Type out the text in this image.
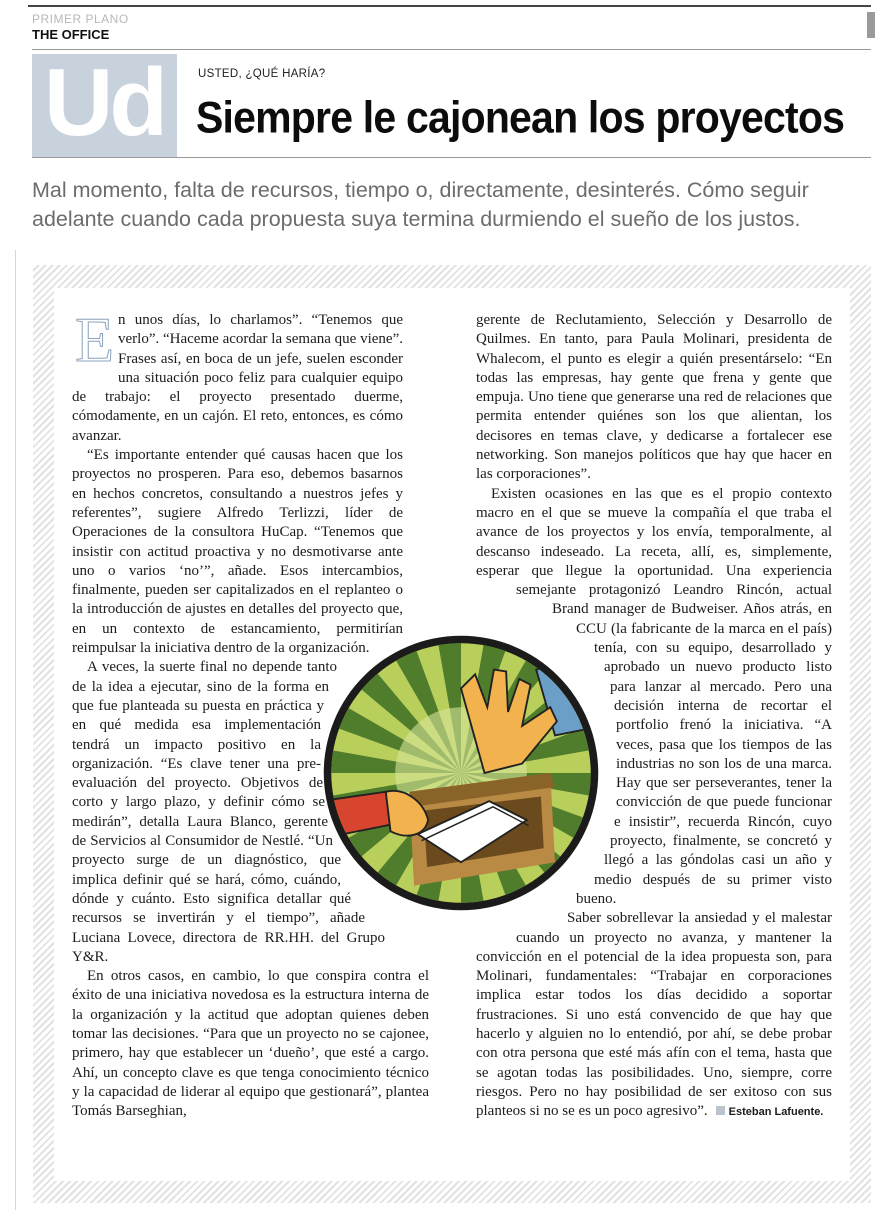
PRIMER PLANO
THE OFFICE
Ud	USTED, ¿QUÉ HARÍA?
Siempre le cajonean los proyectos
Mal momento, falta de recursos, tiempo o, directamente, desinterés. Cómo seguir adelante cuando cada propuesta suya termina durmiendo el sueño de los justos.
E n unos días, lo charlamos”. “Tenemos que verlo”. “Haceme acordar la semana que viene”. Frases así, en boca de un jefe, suelen esconder una situación poco feliz para cualquier equipo de trabajo: el proyecto presentado duerme, cómodamente, en un cajón. El reto, entonces, es cómo avanzar.

“Es importante entender qué causas hacen que los proyectos no prosperen. Para eso, debemos basarnos en hechos concretos, consultando a nuestros jefes y referentes”, sugiere Alfredo Terlizzi, líder de Operaciones de la consultora HuCap. “Tenemos que insistir con actitud proactiva y no desmotivarse ante uno o varios ‘no’”, añade. Esos intercambios, finalmente, pueden ser capitalizados en el replanteo o la introducción de ajustes en detalles del proyecto que, en un contexto de estancamiento, permitirían reimpulsar la iniciativa dentro de la organización.

A veces, la suerte final no depende tanto de la idea a ejecutar, sino de la forma en que fue planteada su puesta en práctica y en qué medida esa implementación tendrá un impacto positivo en la organización. “Es clave tener una pre-evaluación del proyecto. Objetivos de corto y largo plazo, y definir cómo se medirán”, detalla Laura Blanco, gerente de Servicios al Consumidor de Nestlé. “Un proyecto surge de un diagnóstico, que implica definir qué se hará, cómo, cuándo, dónde y cuánto. Esto significa detallar qué recursos se invertirán y el tiempo”, añade Luciana Lovece, directora de RR.HH. del Grupo Y&R.

En otros casos, en cambio, lo que conspira contra el éxito de una iniciativa novedosa es la estructura interna de la organización y la actitud que adoptan quienes deben tomar las decisiones. “Para que un proyecto no se cajonee, primero, hay que establecer un ‘dueño’, que esté a cargo. Ahí, un concepto clave es que tenga conocimiento técnico y la capacidad de liderar al equipo que gestionará”, plantea Tomás Barseghian,

gerente de Reclutamiento, Selección y Desarrollo de Quilmes. En tanto, para Paula Molinari, presidenta de Whalecom, el punto es elegir a quién presentárselo: “En todas las empresas, hay gente que frena y gente que empuja. Uno tiene que generarse una red de relaciones que permita entender quiénes son los que alientan, los decisores en temas clave, y dedicarse a fortalecer ese networking. Son manejos políticos que hay que hacer en las corporaciones”.

Existen ocasiones en las que es el propio contexto macro en el que se mueve la compañía el que traba el avance de los proyectos y los envía, temporalmente, al descanso indeseado. La receta, allí, es, simplemente, esperar que llegue la oportunidad. Una experiencia semejante protagonizó Leandro Rincón, actual Brand manager de Budweiser. Años atrás, en CCU (la fabricante de la marca en el país) tenía, con su equipo, desarrollado y aprobado un nuevo producto listo para lanzar al mercado. Pero una decisión interna de recortar el portfolio frenó la iniciativa. “A veces, pasa que los tiempos de las industrias no son los de una marca. Hay que ser perseverantes, tener la convicción de que puede funcionar e insistir”, recuerda Rincón, cuyo proyecto, finalmente, se concretó y llegó a las góndolas casi un año y medio después de su primer visto bueno.

Saber sobrellevar la ansiedad y el malestar cuando un proyecto no avanza, y mantener la convicción en el potencial de la idea propuesta son, para Molinari, fundamentales: “Trabajar en corporaciones implica estar todos los días decidido a soportar frustraciones. Si uno está convencido de que hay que hacerlo y alguien no lo entendió, por ahí, se debe probar con otra persona que esté más afín con el tema, hasta que se agotan todas las posibilidades. Uno, siempre, corre riesgos. Pero no hay posibilidad de ser exitoso con sus planteos si no se es un poco agresivo”. Esteban Lafuente.
